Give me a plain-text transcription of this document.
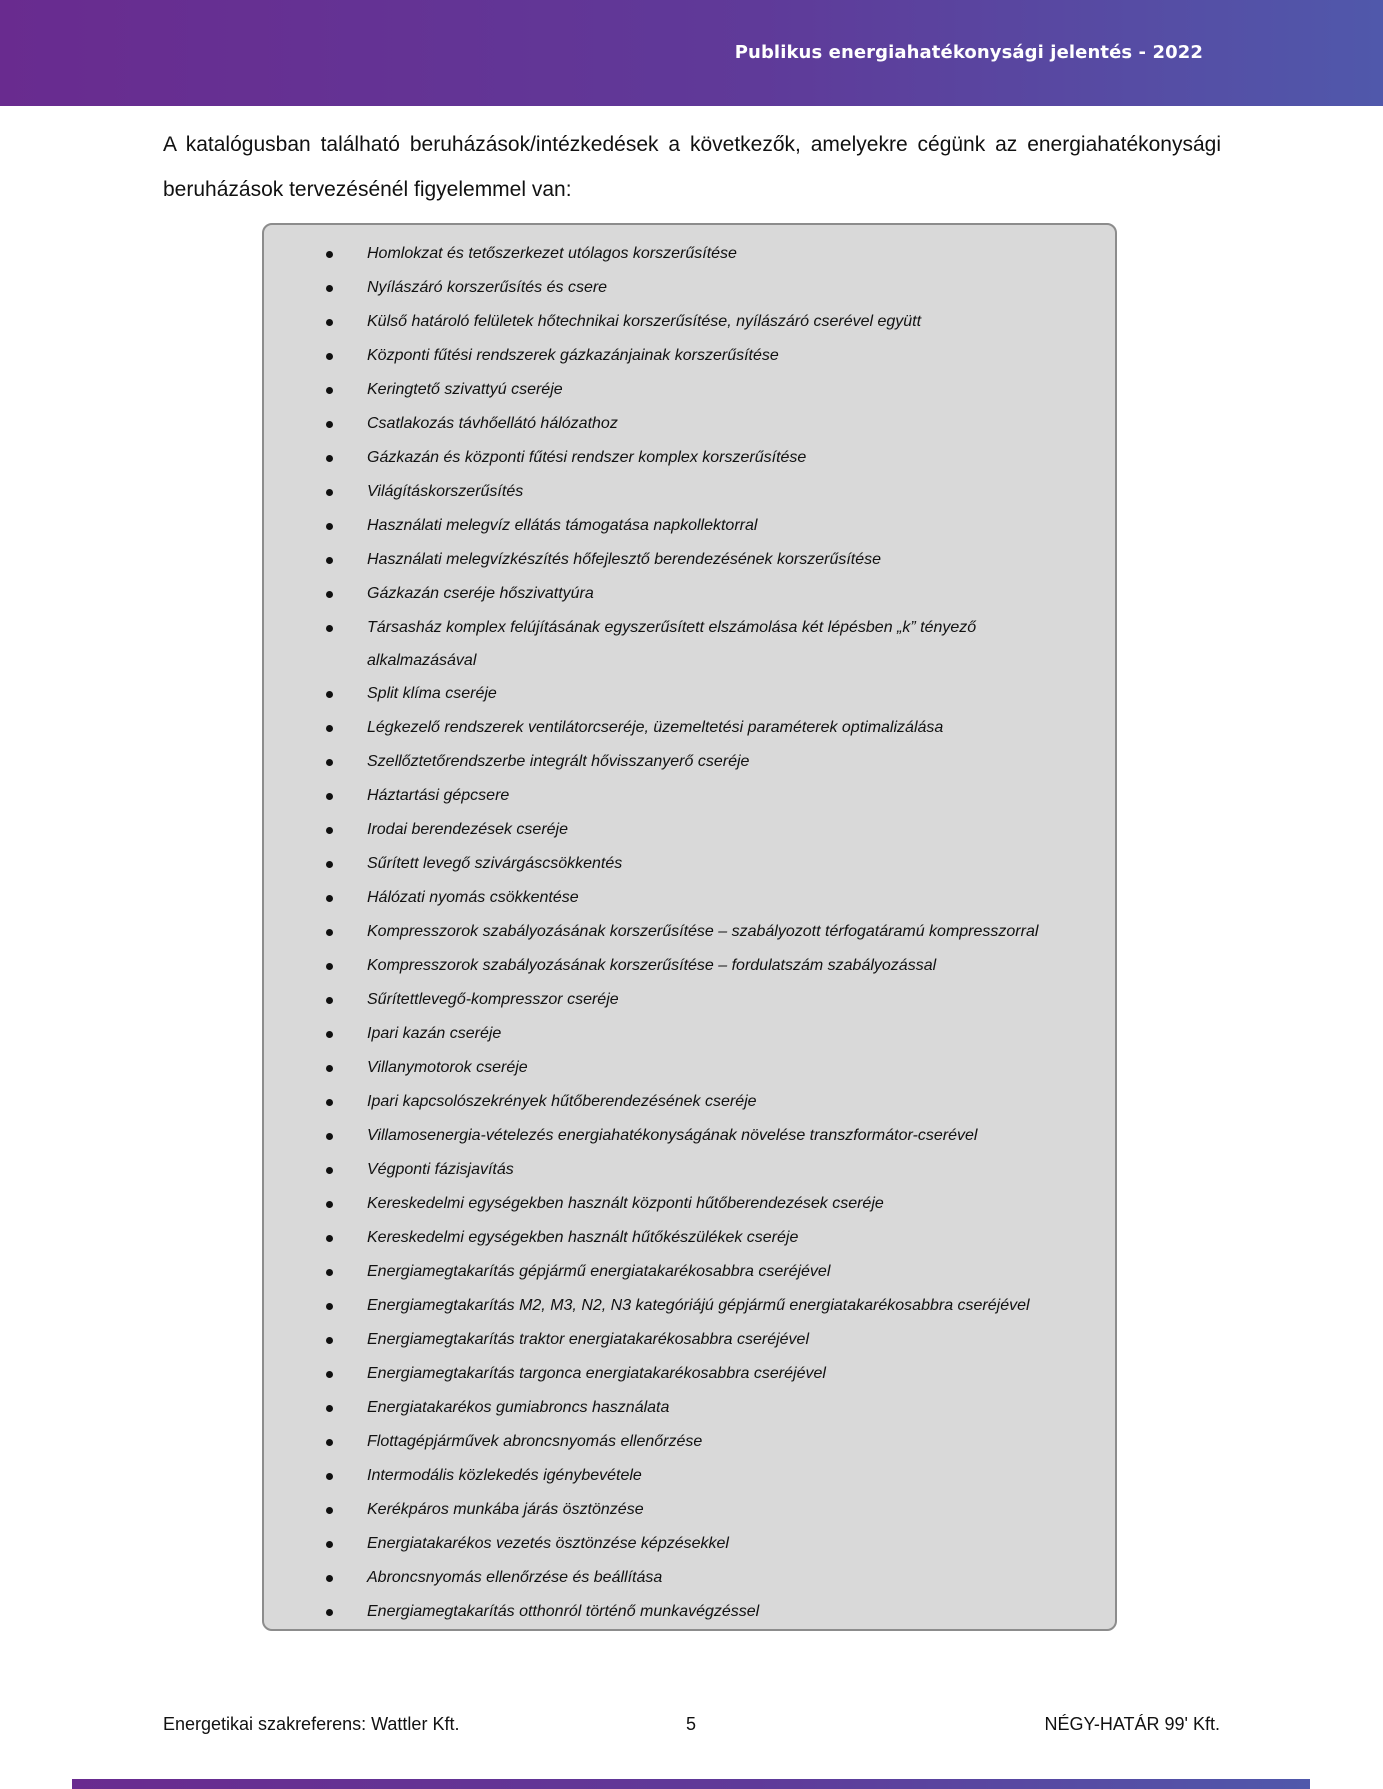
Publikus energiahatékonysági jelentés - 2022
A katalógusban található beruházások/intézkedések a következők, amelyekre cégünk az energiahatékonysági beruházások tervezésénél figyelemmel van:
Homlokzat és tetőszerkezet utólagos korszerűsítése
Nyílászáró korszerűsítés és csere
Külső határoló felületek hőtechnikai korszerűsítése, nyílászáró cserével együtt
Központi fűtési rendszerek gázkazánjainak korszerűsítése
Keringtető szivattyú cseréje
Csatlakozás távhőellátó hálózathoz
Gázkazán és központi fűtési rendszer komplex korszerűsítése
Világításkorszerűsítés
Használati melegvíz ellátás támogatása napkollektorral
Használati melegvízkészítés hőfejlesztő berendezésének korszerűsítése
Gázkazán cseréje hőszivattyúra
Társasház komplex felújításának egyszerűsített elszámolása két lépésben „k” tényező alkalmazásával
Split klíma cseréje
Légkezelő rendszerek ventilátorcseréje, üzemeltetési paraméterek optimalizálása
Szellőztetőrendszerbe integrált hővisszanyerő cseréje
Háztartási gépcsere
Irodai berendezések cseréje
Sűrített levegő szivárgáscsökkentés
Hálózati nyomás csökkentése
Kompresszorok szabályozásának korszerűsítése – szabályozott térfogatáramú kompresszorral
Kompresszorok szabályozásának korszerűsítése – fordulatszám szabályozással
Sűrítettlevegő-kompresszor cseréje
Ipari kazán cseréje
Villanymotorok cseréje
Ipari kapcsolószekrények hűtőberendezésének cseréje
Villamosenergia-vételezés energiahatékonyságának növelése transzformátor-cserével
Végponti fázisjavítás
Kereskedelmi egységekben használt központi hűtőberendezések cseréje
Kereskedelmi egységekben használt hűtőkészülékek cseréje
Energiamegtakarítás gépjármű energiatakarékosabbra cseréjével
Energiamegtakarítás M2, M3, N2, N3 kategóriájú gépjármű energiatakarékosabbra cseréjével
Energiamegtakarítás traktor energiatakarékosabbra cseréjével
Energiamegtakarítás targonca energiatakarékosabbra cseréjével
Energiatakarékos gumiabroncs használata
Flottagépjárművek abroncsnyomás ellenőrzése
Intermodális közlekedés igénybevétele
Kerékpáros munkába járás ösztönzése
Energiatakarékos vezetés ösztönzése képzésekkel
Abroncsnyomás ellenőrzése és beállítása
Energiamegtakarítás otthonról történő munkavégzéssel
Energetikai szakreferens: Wattler Kft.	5	NÉGY-HATÁR 99' Kft.
